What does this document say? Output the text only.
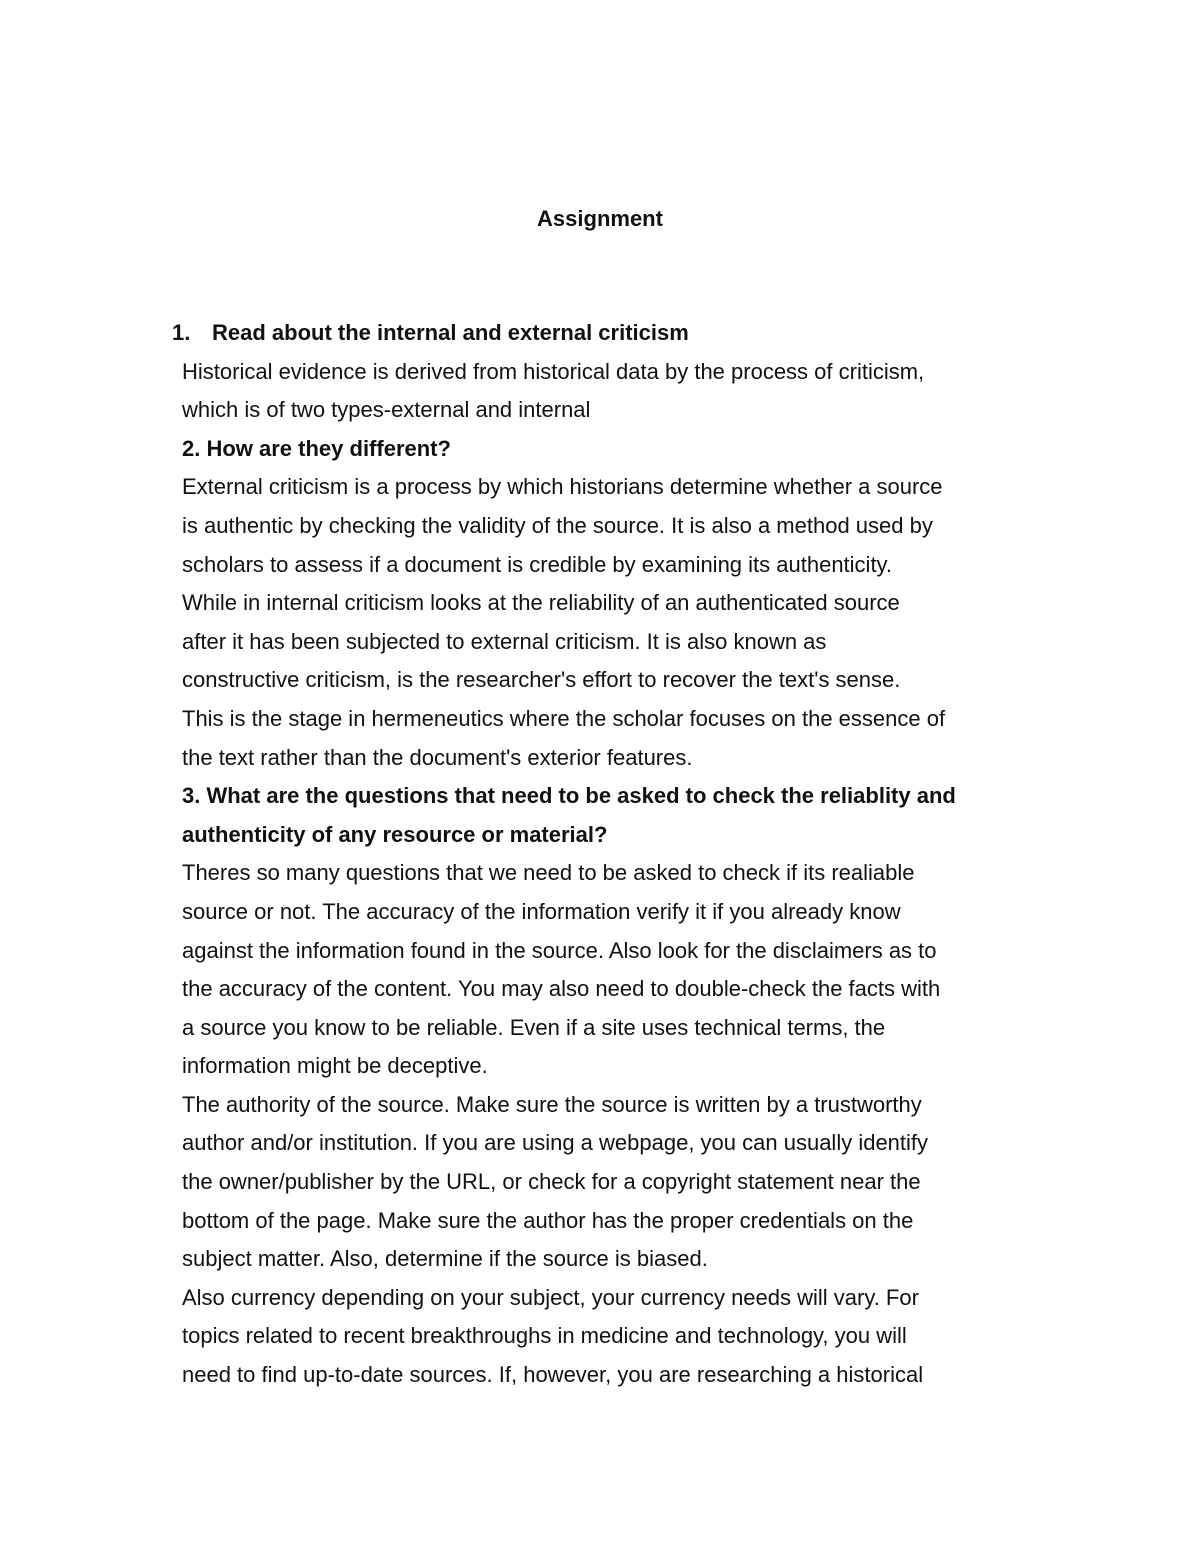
Assignment

1. Read about the internal and external criticism

Historical evidence is derived from historical data by the process of criticism,

which is of two types-external and internal

2. How are they different?

External criticism is a process by which historians determine whether a source

is authentic by checking the validity of the source. It is also a method used by

scholars to assess if a document is credible by examining its authenticity.

While in internal criticism looks at the reliability of an authenticated source

after it has been subjected to external criticism. It is also known as

constructive criticism, is the researcher's effort to recover the text's sense.

This is the stage in hermeneutics where the scholar focuses on the essence of

the text rather than the document's exterior features.

3. What are the questions that need to be asked to check the reliablity and

authenticity of any resource or material?

Theres so many questions that we need to be asked to check if its realiable

source or not. The accuracy of the information verify it if you already know

against the information found in the source. Also look for the disclaimers as to

the accuracy of the content. You may also need to double-check the facts with

a source you know to be reliable. Even if a site uses technical terms, the

information might be deceptive.

The authority of the source. Make sure the source is written by a trustworthy

author and/or institution. If you are using a webpage, you can usually identify

the owner/publisher by the URL, or check for a copyright statement near the

bottom of the page. Make sure the author has the proper credentials on the

subject matter. Also, determine if the source is biased.

Also currency depending on your subject, your currency needs will vary. For

topics related to recent breakthroughs in medicine and technology, you will

need to find up-to-date sources. If, however, you are researching a historical
